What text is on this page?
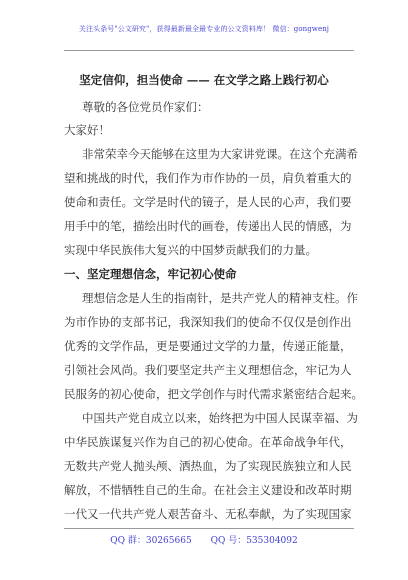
关注头条号"公文研究"，获得最新最全最专业的公文资料库！ 微信：gongwenj
坚定信仰，担当使命 —— 在文学之路上践行初心
尊敬的各位党员作家们：
大家好！
非常荣幸今天能够在这里为大家讲党课。在这个充满希
望和挑战的时代，我们作为市作协的一员，肩负着重大的
使命和责任。文学是时代的镜子，是人民的心声，我们要
用手中的笔，描绘出时代的画卷，传递出人民的情感，为
实现中华民族伟大复兴的中国梦贡献我们的力量。
一、坚定理想信念，牢记初心使命
理想信念是人生的指南针，是共产党人的精神支柱。作
为市作协的支部书记，我深知我们的使命不仅仅是创作出
优秀的文学作品，更是要通过文学的力量，传递正能量，
引领社会风尚。我们要坚定共产主义理想信念，牢记为人
民服务的初心使命，把文学创作与时代需求紧密结合起来。
中国共产党自成立以来，始终把为中国人民谋幸福、为
中华民族谋复兴作为自己的初心使命。在革命战争年代，
无数共产党人抛头颅、洒热血，为了实现民族独立和人民
解放，不惜牺牲自己的生命。在社会主义建设和改革时期
一代又一代共产党人艰苦奋斗、无私奉献，为了实现国家
QQ 群：30265665 QQ 号：535304092
